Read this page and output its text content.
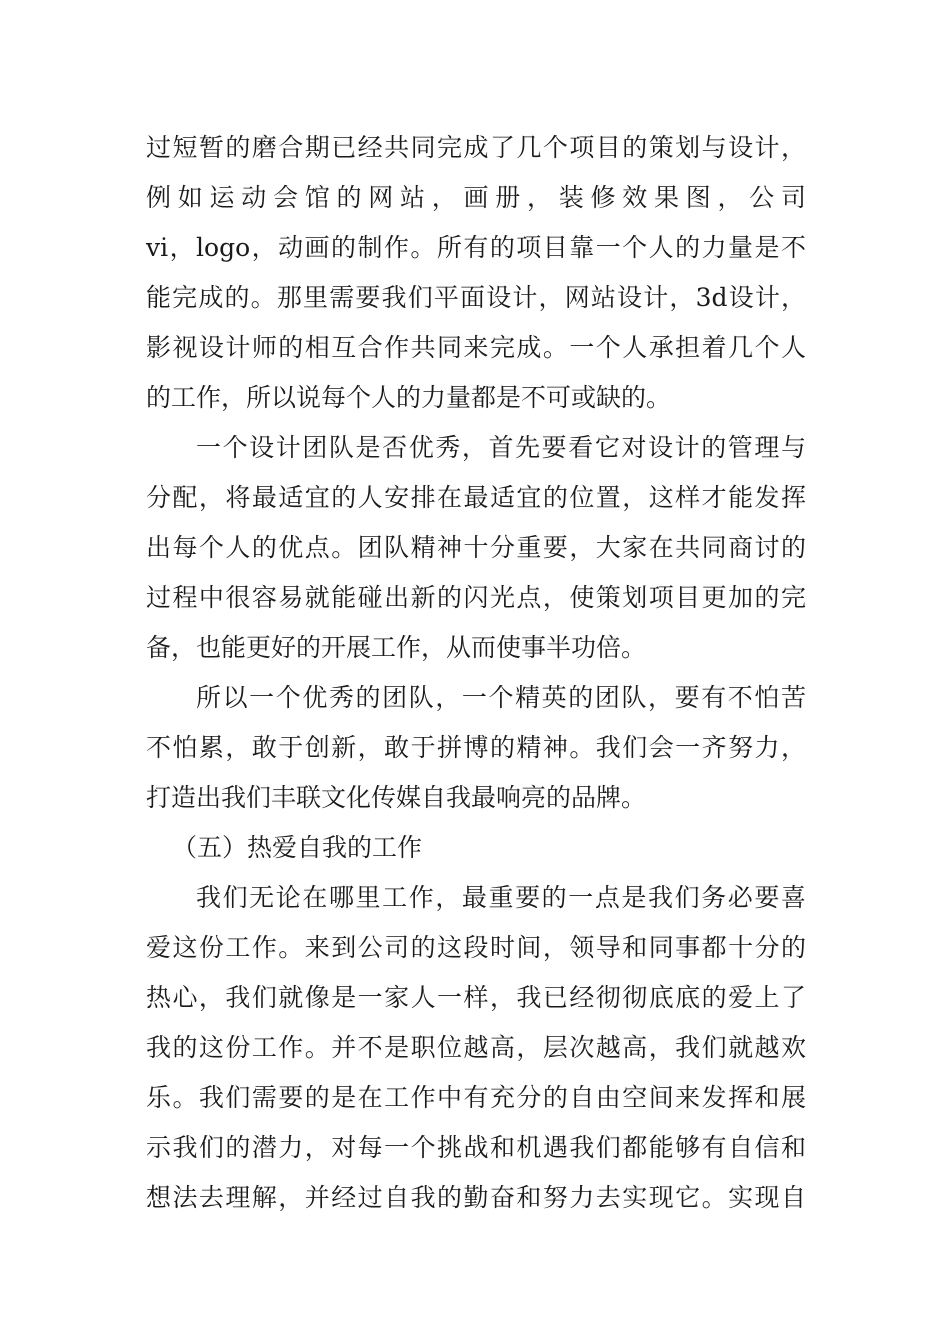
过短暂的磨合期已经共同完成了几个项目的策划与设计，
例如运动会馆的网站，画册，装修效果图，公司
vi，logo，动画的制作。所有的项目靠一个人的力量是不
能完成的。那里需要我们平面设计，网站设计，3d设计，
影视设计师的相互合作共同来完成。一个人承担着几个人
的工作，所以说每个人的力量都是不可或缺的。
一个设计团队是否优秀，首先要看它对设计的管理与
分配，将最适宜的人安排在最适宜的位置，这样才能发挥
出每个人的优点。团队精神十分重要，大家在共同商讨的
过程中很容易就能碰出新的闪光点，使策划项目更加的完
备，也能更好的开展工作，从而使事半功倍。
所以一个优秀的团队，一个精英的团队，要有不怕苦
不怕累，敢于创新，敢于拼博的精神。我们会一齐努力，
打造出我们丰联文化传媒自我最响亮的品牌。
（五）热爱自我的工作
我们无论在哪里工作，最重要的一点是我们务必要喜
爱这份工作。来到公司的这段时间，领导和同事都十分的
热心，我们就像是一家人一样，我已经彻彻底底的爱上了
我的这份工作。并不是职位越高，层次越高，我们就越欢
乐。我们需要的是在工作中有充分的自由空间来发挥和展
示我们的潜力，对每一个挑战和机遇我们都能够有自信和
想法去理解，并经过自我的勤奋和努力去实现它。实现自
